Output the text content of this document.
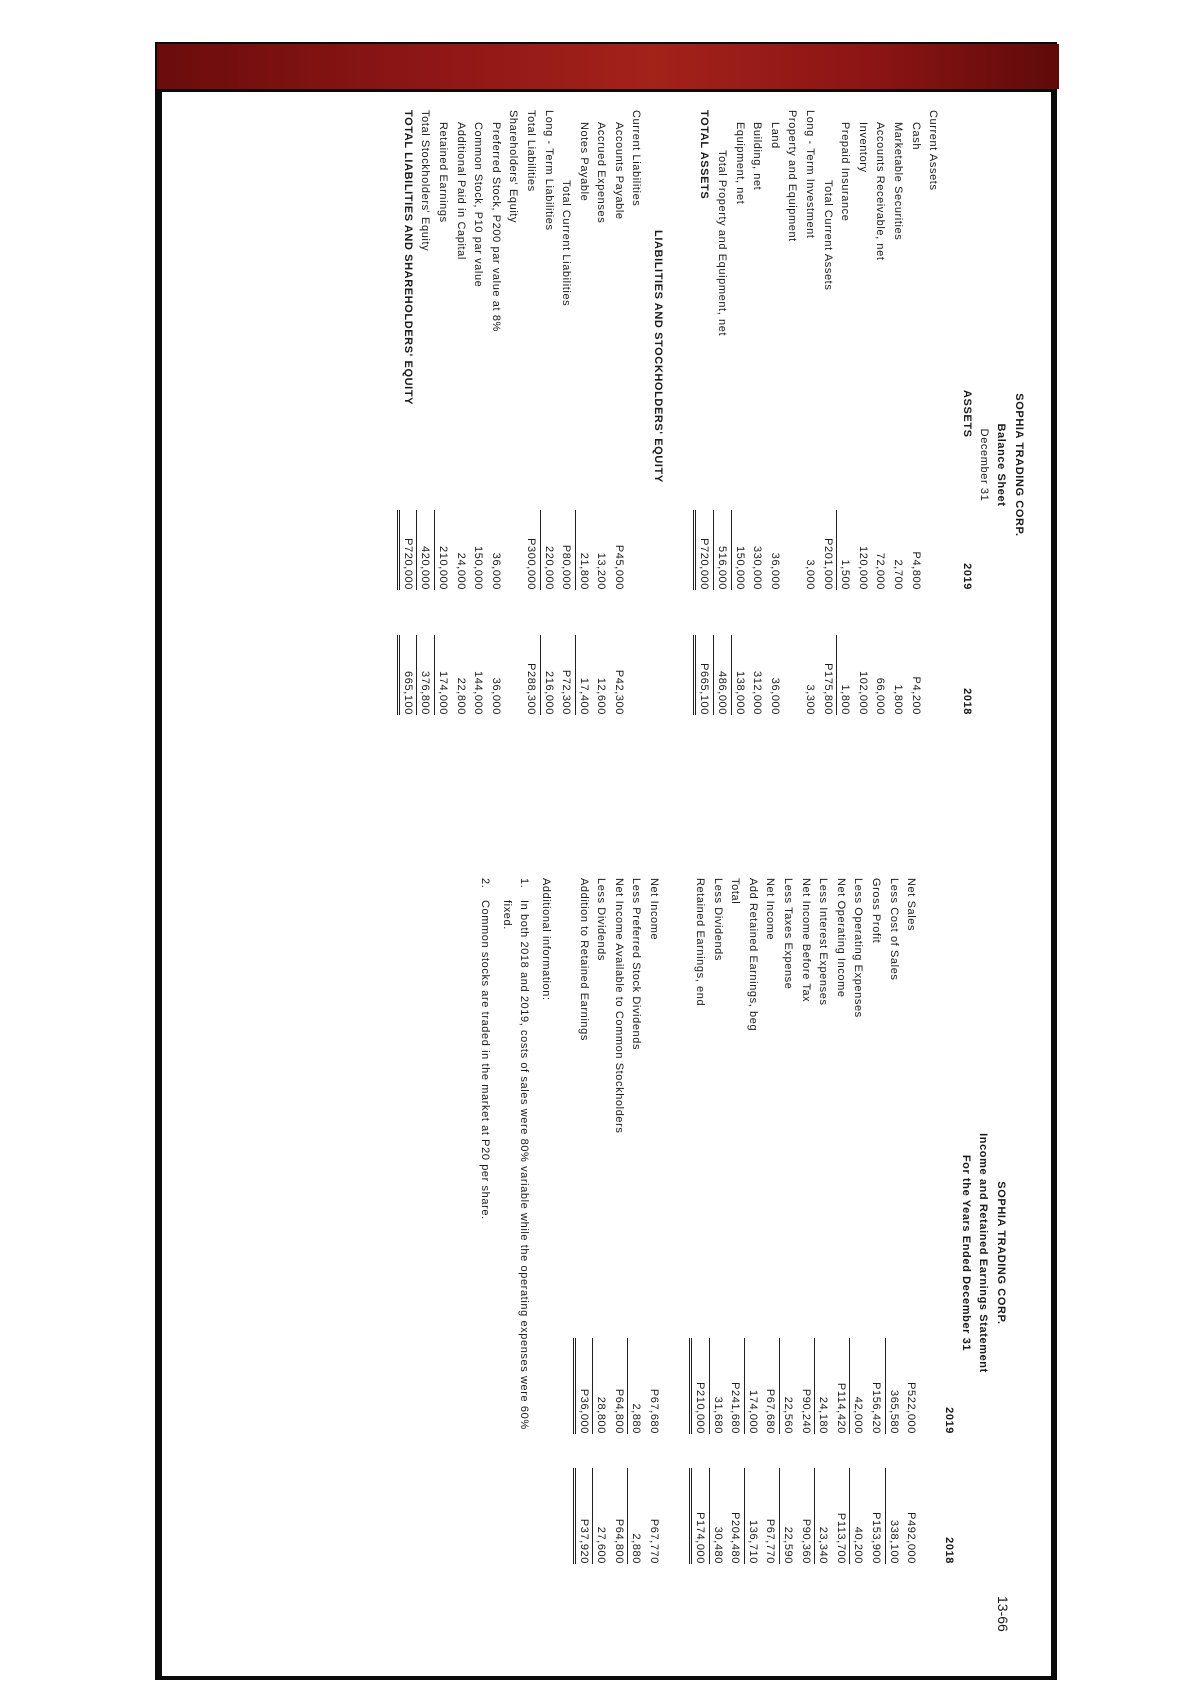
13-66
SOPHIA TRADING CORP.
Balance Sheet
December 31
ASSETS
2019
2018
Current Assets
Cash
P4,800
P4,200
Marketable Securities
2,700
1,800
Accounts Receivable, net
72,000
66,000
Inventory
120,000
102,000
Prepaid Insurance
1,500
1,800
Total Current Assets
P201,000
P175,800
Long - Term Investment
3,000
3,300
Property and Equipment
Land
36,000
36,000
Building, net
330,000
312,000
Equipment, net
150,000
138,000
Total Property and Equipment, net
516,000
486,000
TOTAL ASSETS
P720,000
P665,100
LIABILITIES AND STOCKHOLDERS' EQUITY
Current Liabilities
Accounts Payable
P45,000
P42,300
Accrued Expenses
13,200
12,600
Notes Payable
21,800
17,400
Total Current Liabilities
P80,000
P72,300
Long - Term Liabilities
220,000
216,000
Total Liabilities
P300,000
P288,300
Shareholders' Equity
Preferred Stock, P200 par value at 8%
36,000
36,000
Common Stock, P10 par value
150,000
144,000
Additional Paid in Capital
24,000
22,800
Retained Earnings
210,000
174,000
Total Stockholders' Equity
420,000
376,800
TOTAL LIABILITIES AND SHAREHOLDERS' EQUITY
P720,000
665,100
SOPHIA TRADING CORP.
Income and Retained Earnings Statement
For the Years Ended December 31
2019
2018
Net Sales
P522,000
P492,000
Less Cost of Sales
365,580
338,100
Gross Profit
P156,420
P153,900
Less Operating Expenses
42,000
40,200
Net Operating Income
P114,420
P113,700
Less Interest Expenses
24,180
23,340
Net Income Before Tax
P90,240
P90,360
Less Taxes Expense
22,560
22,590
Net Income
P67,680
P67,770
Add Retained Earnings, beg
174,000
136,710
Total
P241,680
P204,480
Less Dividends
31,680
30,480
Retained Earnings, end
P210,000
P174,000
Net Income
P67,680
P67,770
Less Preferred Stock Dividends
2,880
2,880
Net Income Available to Common Stockholders
P64,800
P64,800
Less Dividends
28,800
27,600
Addition to Retained Earnings
P36,000
P37,920
Additional information:
1.In both 2018 and 2019, costs of sales were 80% variable while the operating expenses were 60%
fixed.
2.Common stocks are traded in the market at P20 per share.
